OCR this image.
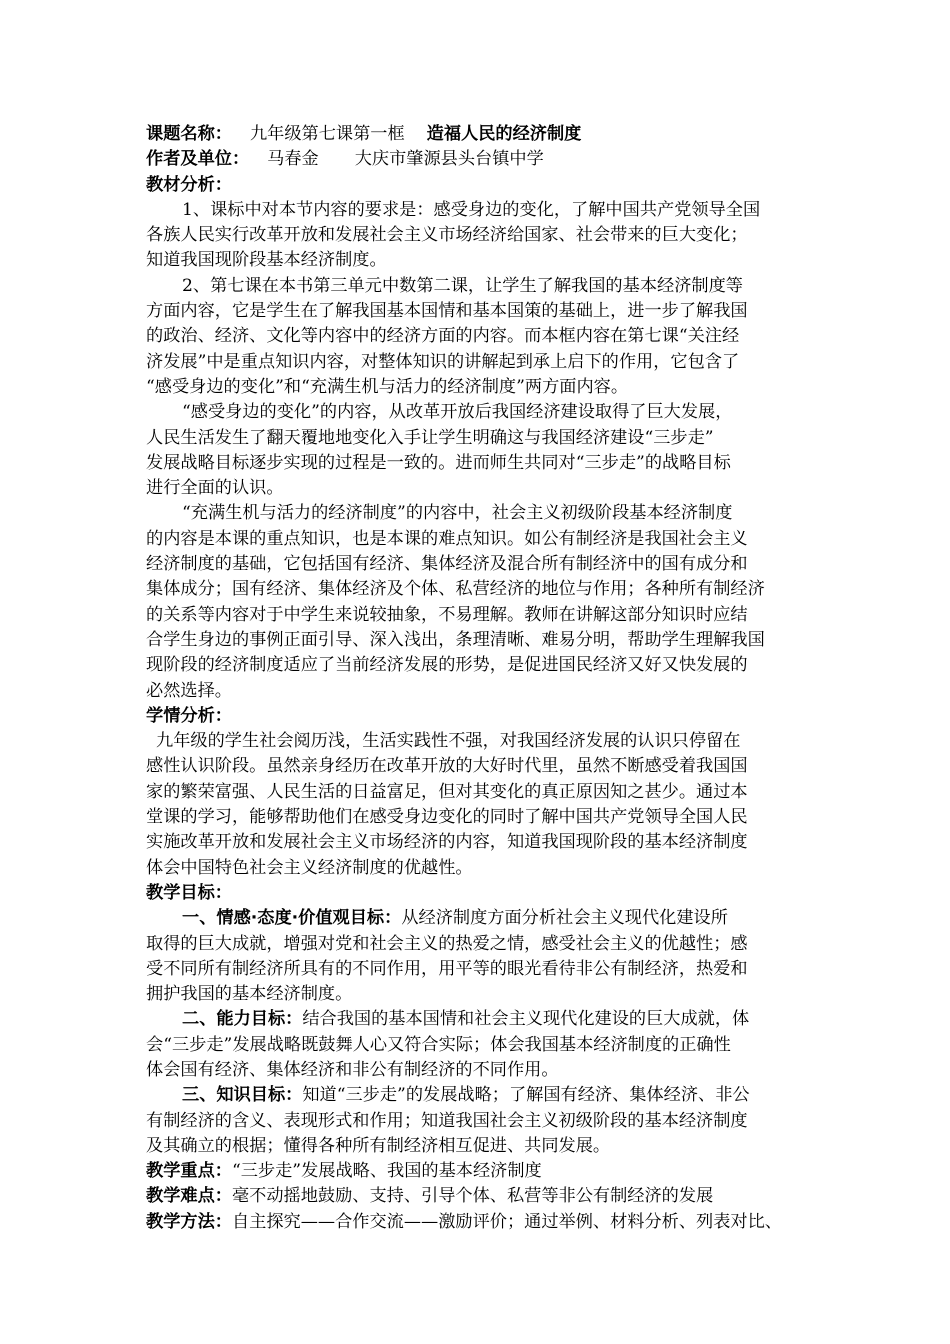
课题名称： 九年级第七课第一框 造福人民的经济制度
作者及单位： 马春金 大庆市肇源县头台镇中学
教材分析：
1、课标中对本节内容的要求是：感受身边的变化，了解中国共产党领导全国
各族人民实行改革开放和发展社会主义市场经济给国家、社会带来的巨大变化；
知道我国现阶段基本经济制度。
2、第七课在本书第三单元中数第二课，让学生了解我国的基本经济制度等
方面内容，它是学生在了解我国基本国情和基本国策的基础上，进一步了解我国
的政治、经济、文化等内容中的经济方面的内容。而本框内容在第七课“关注经
济发展”中是重点知识内容，对整体知识的讲解起到承上启下的作用，它包含了
“感受身边的变化”和“充满生机与活力的经济制度”两方面内容。
“感受身边的变化”的内容，从改革开放后我国经济建设取得了巨大发展，
人民生活发生了翻天覆地地变化入手让学生明确这与我国经济建设“三步走”
发展战略目标逐步实现的过程是一致的。进而师生共同对“三步走”的战略目标
进行全面的认识。
“充满生机与活力的经济制度”的内容中，社会主义初级阶段基本经济制度
的内容是本课的重点知识，也是本课的难点知识。如公有制经济是我国社会主义
经济制度的基础，它包括国有经济、集体经济及混合所有制经济中的国有成分和
集体成分；国有经济、集体经济及个体、私营经济的地位与作用；各种所有制经济
的关系等内容对于中学生来说较抽象，不易理解。教师在讲解这部分知识时应结
合学生身边的事例正面引导、深入浅出，条理清晰、难易分明，帮助学生理解我国
现阶段的经济制度适应了当前经济发展的形势，是促进国民经济又好又快发展的
必然选择。
学情分析：
九年级的学生社会阅历浅，生活实践性不强，对我国经济发展的认识只停留在
感性认识阶段。虽然亲身经历在改革开放的大好时代里，虽然不断感受着我国国
家的繁荣富强、人民生活的日益富足，但对其变化的真正原因知之甚少。通过本
堂课的学习，能够帮助他们在感受身边变化的同时了解中国共产党领导全国人民
实施改革开放和发展社会主义市场经济的内容，知道我国现阶段的基本经济制度
体会中国特色社会主义经济制度的优越性。
教学目标：
一、情感·态度·价值观目标：从经济制度方面分析社会主义现代化建设所
取得的巨大成就，增强对党和社会主义的热爱之情，感受社会主义的优越性；感
受不同所有制经济所具有的不同作用，用平等的眼光看待非公有制经济，热爱和
拥护我国的基本经济制度。
二、能力目标：结合我国的基本国情和社会主义现代化建设的巨大成就，体
会“三步走”发展战略既鼓舞人心又符合实际；体会我国基本经济制度的正确性
体会国有经济、集体经济和非公有制经济的不同作用。
三、知识目标：知道“三步走”的发展战略；了解国有经济、集体经济、非公
有制经济的含义、表现形式和作用；知道我国社会主义初级阶段的基本经济制度
及其确立的根据；懂得各种所有制经济相互促进、共同发展。
教学重点：“三步走”发展战略、我国的基本经济制度
教学难点：毫不动摇地鼓励、支持、引导个体、私营等非公有制经济的发展
教学方法：自主探究——合作交流——激励评价；通过举例、材料分析、列表对比、
